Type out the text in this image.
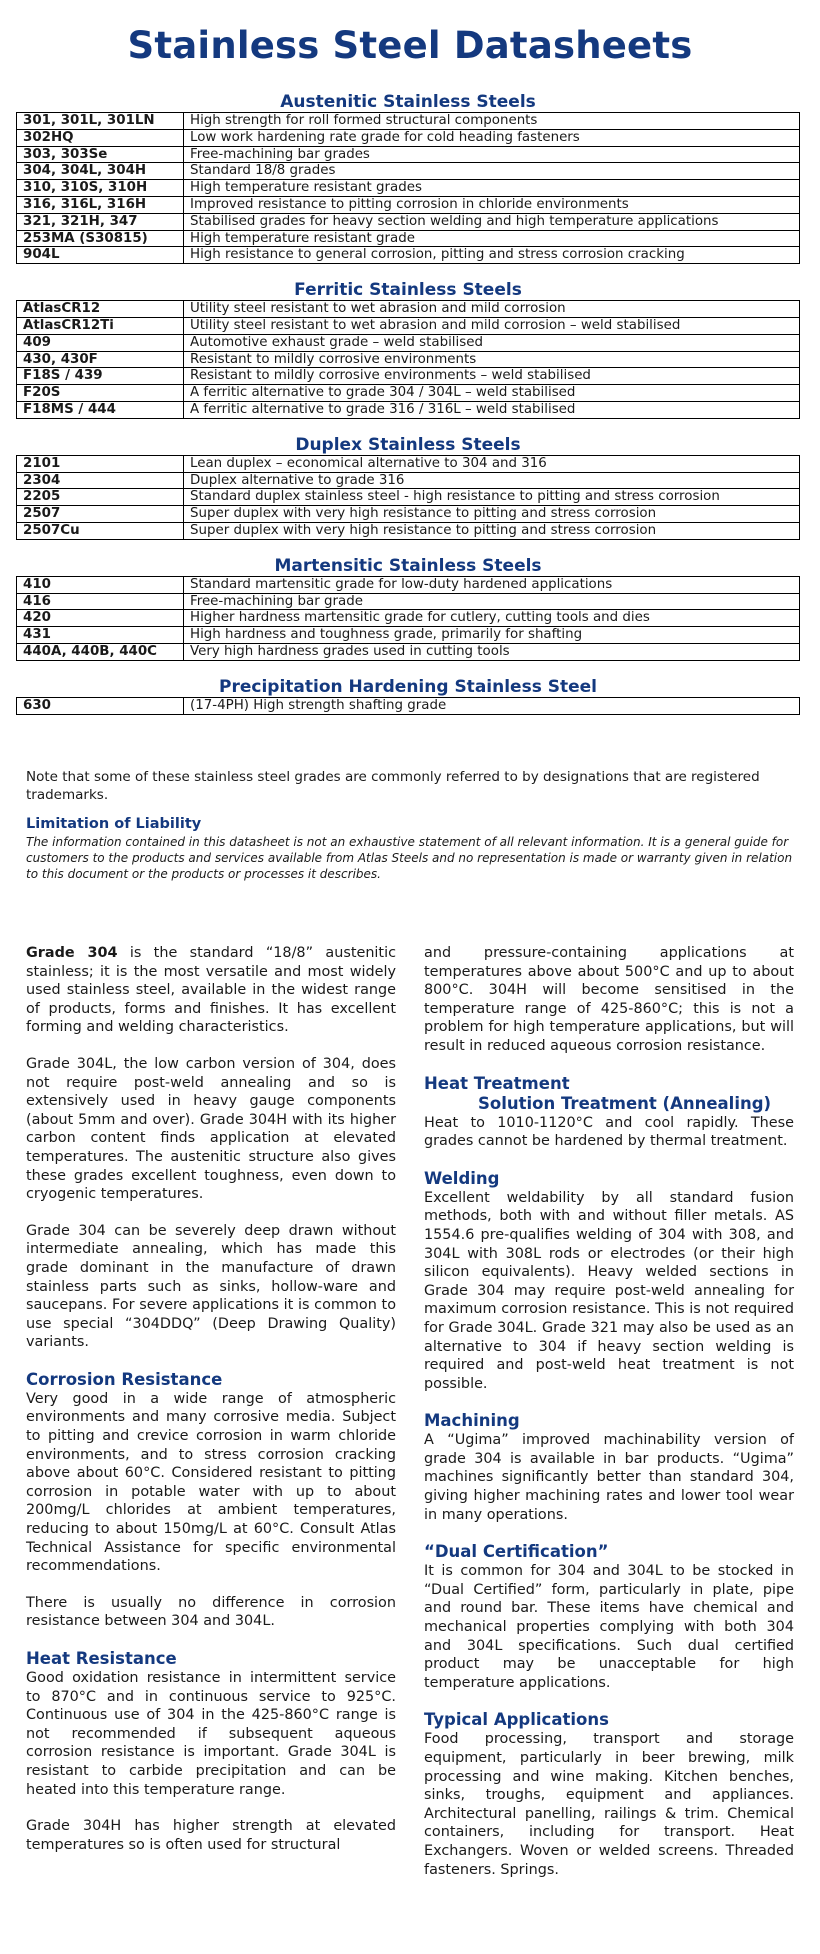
Stainless Steel Datasheets
Austenitic Stainless Steels
301, 301L, 301LN	High strength for roll formed structural components
302HQ	Low work hardening rate grade for cold heading fasteners
303, 303Se	Free-machining bar grades
304, 304L, 304H	Standard 18/8 grades
310, 310S, 310H	High temperature resistant grades
316, 316L, 316H	Improved resistance to pitting corrosion in chloride environments
321, 321H, 347	Stabilised grades for heavy section welding and high temperature applications
253MA (S30815)	High temperature resistant grade
904L	High resistance to general corrosion, pitting and stress corrosion cracking
Ferritic Stainless Steels
AtlasCR12	Utility steel resistant to wet abrasion and mild corrosion
AtlasCR12Ti	Utility steel resistant to wet abrasion and mild corrosion – weld stabilised
409	Automotive exhaust grade – weld stabilised
430, 430F	Resistant to mildly corrosive environments
F18S / 439	Resistant to mildly corrosive environments – weld stabilised
F20S	A ferritic alternative to grade 304 / 304L – weld stabilised
F18MS / 444	A ferritic alternative to grade 316 / 316L – weld stabilised
Duplex Stainless Steels
2101	Lean duplex – economical alternative to 304 and 316
2304	Duplex alternative to grade 316
2205	Standard duplex stainless steel - high resistance to pitting and stress corrosion
2507	Super duplex with very high resistance to pitting and stress corrosion
2507Cu	Super duplex with very high resistance to pitting and stress corrosion
Martensitic Stainless Steels
410	Standard martensitic grade for low-duty hardened applications
416	Free-machining bar grade
420	Higher hardness martensitic grade for cutlery, cutting tools and dies
431	High hardness and toughness grade, primarily for shafting
440A, 440B, 440C	Very high hardness grades used in cutting tools
Precipitation Hardening Stainless Steel
630	(17-4PH) High strength shafting grade

Note that some of these stainless steel grades are commonly referred to by designations that are registered trademarks.

Limitation of Liability

The information contained in this datasheet is not an exhaustive statement of all relevant information. It is a general guide for customers to the products and services available from Atlas Steels and no representation is made or warranty given in relation to this document or the products or processes it describes.

Grade 304 is the standard “18/8” austenitic stainless; it is the most versatile and most widely used stainless steel, available in the widest range of products, forms and finishes. It has excellent forming and welding characteristics.

Grade 304L, the low carbon version of 304, does not require post-weld annealing and so is extensively used in heavy gauge components (about 5mm and over). Grade 304H with its higher carbon content finds application at elevated temperatures. The austenitic structure also gives these grades excellent toughness, even down to cryogenic temperatures.

Grade 304 can be severely deep drawn without intermediate annealing, which has made this grade dominant in the manufacture of drawn stainless parts such as sinks, hollow-ware and saucepans. For severe applications it is common to use special “304DDQ” (Deep Drawing Quality) variants.

Corrosion Resistance

Very good in a wide range of atmospheric environments and many corrosive media. Subject to pitting and crevice corrosion in warm chloride environments, and to stress corrosion cracking above about 60°C. Considered resistant to pitting corrosion in potable water with up to about 200mg/L chlorides at ambient temperatures, reducing to about 150mg/L at 60°C. Consult Atlas Technical Assistance for specific environmental recommendations.

There is usually no difference in corrosion resistance between 304 and 304L.

Heat Resistance

Good oxidation resistance in intermittent service to 870°C and in continuous service to 925°C. Continuous use of 304 in the 425-860°C range is not recommended if subsequent aqueous corrosion resistance is important. Grade 304L is resistant to carbide precipitation and can be heated into this temperature range.

Grade 304H has higher strength at elevated temperatures so is often used for structural

and pressure-containing applications at temperatures above about 500°C and up to about 800°C. 304H will become sensitised in the temperature range of 425-860°C; this is not a problem for high temperature applications, but will result in reduced aqueous corrosion resistance.

Heat Treatment
Solution Treatment (Annealing)

Heat to 1010-1120°C and cool rapidly. These grades cannot be hardened by thermal treatment.

Welding

Excellent weldability by all standard fusion methods, both with and without filler metals. AS 1554.6 pre-qualifies welding of 304 with 308, and 304L with 308L rods or electrodes (or their high silicon equivalents). Heavy welded sections in Grade 304 may require post-weld annealing for maximum corrosion resistance. This is not required for Grade 304L. Grade 321 may also be used as an alternative to 304 if heavy section welding is required and post-weld heat treatment is not possible.

Machining

A “Ugima” improved machinability version of grade 304 is available in bar products. “Ugima” machines significantly better than standard 304, giving higher machining rates and lower tool wear in many operations.

“Dual Certification”

It is common for 304 and 304L to be stocked in “Dual Certified” form, particularly in plate, pipe and round bar. These items have chemical and mechanical properties complying with both 304 and 304L specifications. Such dual certified product may be unacceptable for high temperature applications.

Typical Applications

Food processing, transport and storage equipment, particularly in beer brewing, milk processing and wine making. Kitchen benches, sinks, troughs, equipment and appliances. Architectural panelling, railings & trim. Chemical containers, including for transport. Heat Exchangers. Woven or welded screens. Threaded fasteners. Springs.
